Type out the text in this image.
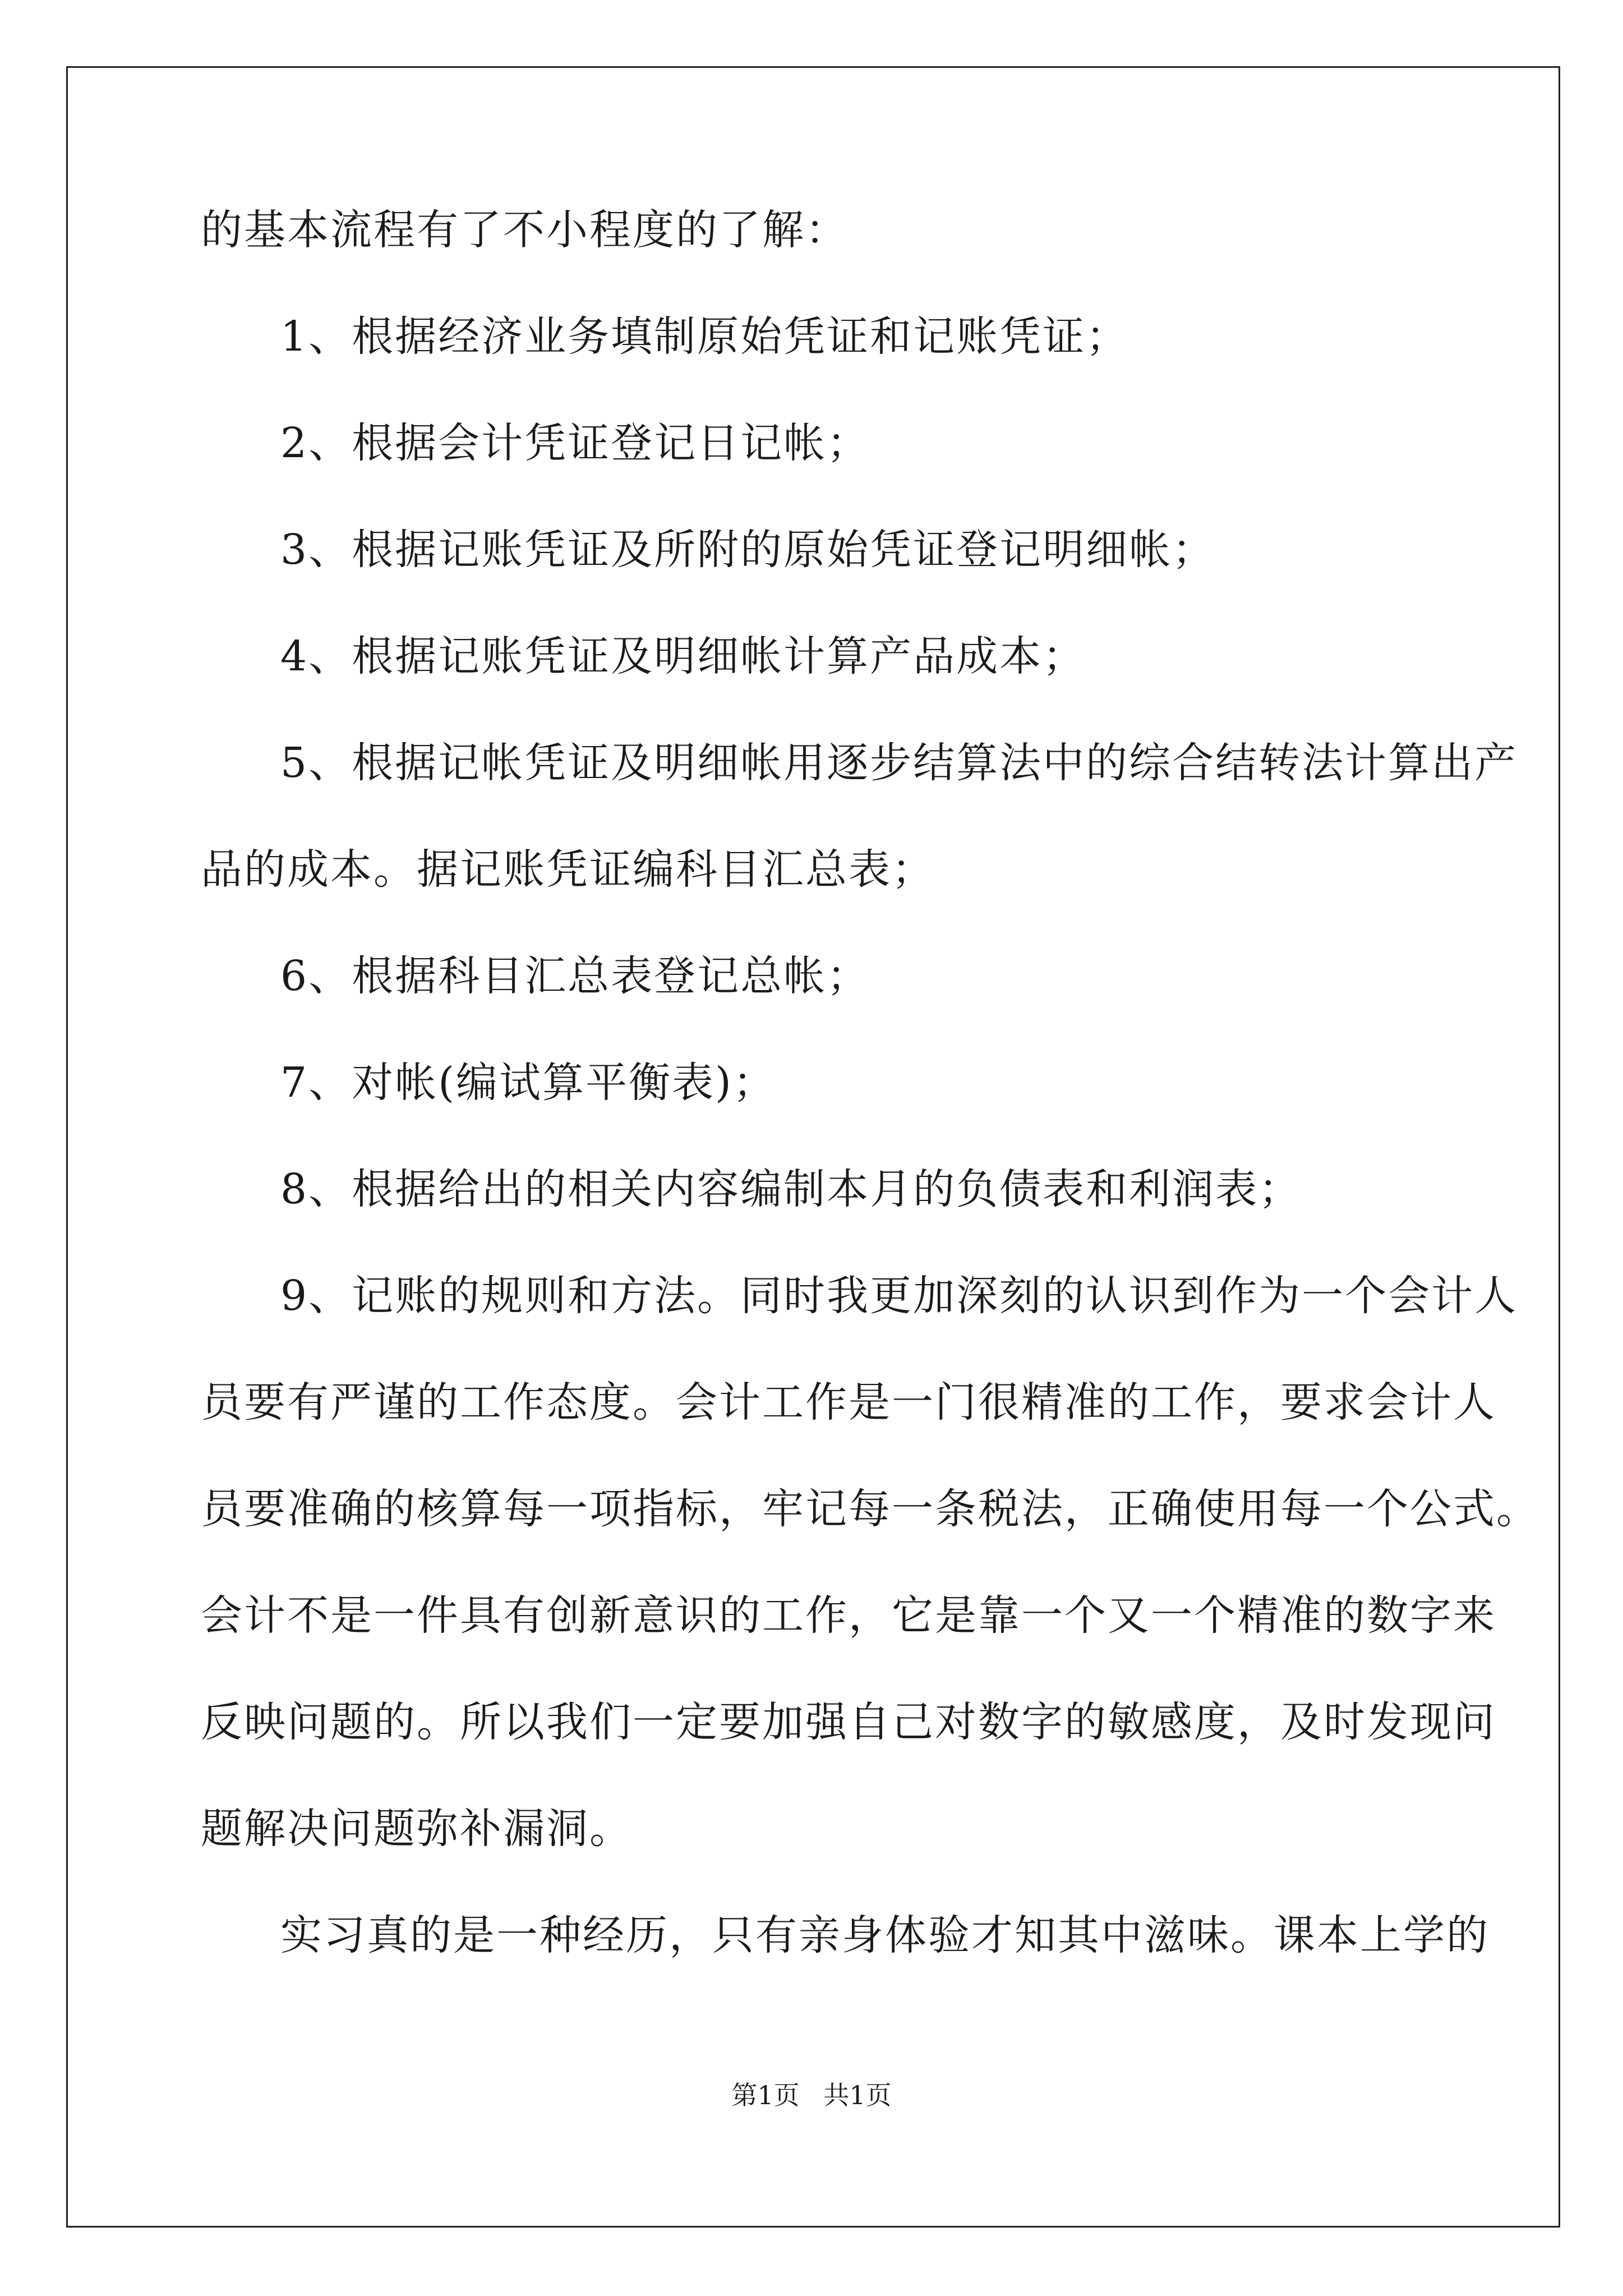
的基本流程有了不小程度的了解：
1、根据经济业务填制原始凭证和记账凭证；
2、根据会计凭证登记日记帐；
3、根据记账凭证及所附的原始凭证登记明细帐；
4、根据记账凭证及明细帐计算产品成本；
5、根据记帐凭证及明细帐用逐步结算法中的综合结转法计算出产
品的成本。据记账凭证编科目汇总表；
6、根据科目汇总表登记总帐；
7、对帐(编试算平衡表)；
8、根据给出的相关内容编制本月的负债表和利润表；
9、记账的规则和方法。同时我更加深刻的认识到作为一个会计人
员要有严谨的工作态度。会计工作是一门很精准的工作，要求会计人
员要准确的核算每一项指标，牢记每一条税法，正确使用每一个公式。
会计不是一件具有创新意识的工作，它是靠一个又一个精准的数字来
反映问题的。所以我们一定要加强自己对数字的敏感度，及时发现问
题解决问题弥补漏洞。
实习真的是一种经历，只有亲身体验才知其中滋味。课本上学的
第1页 共1页
